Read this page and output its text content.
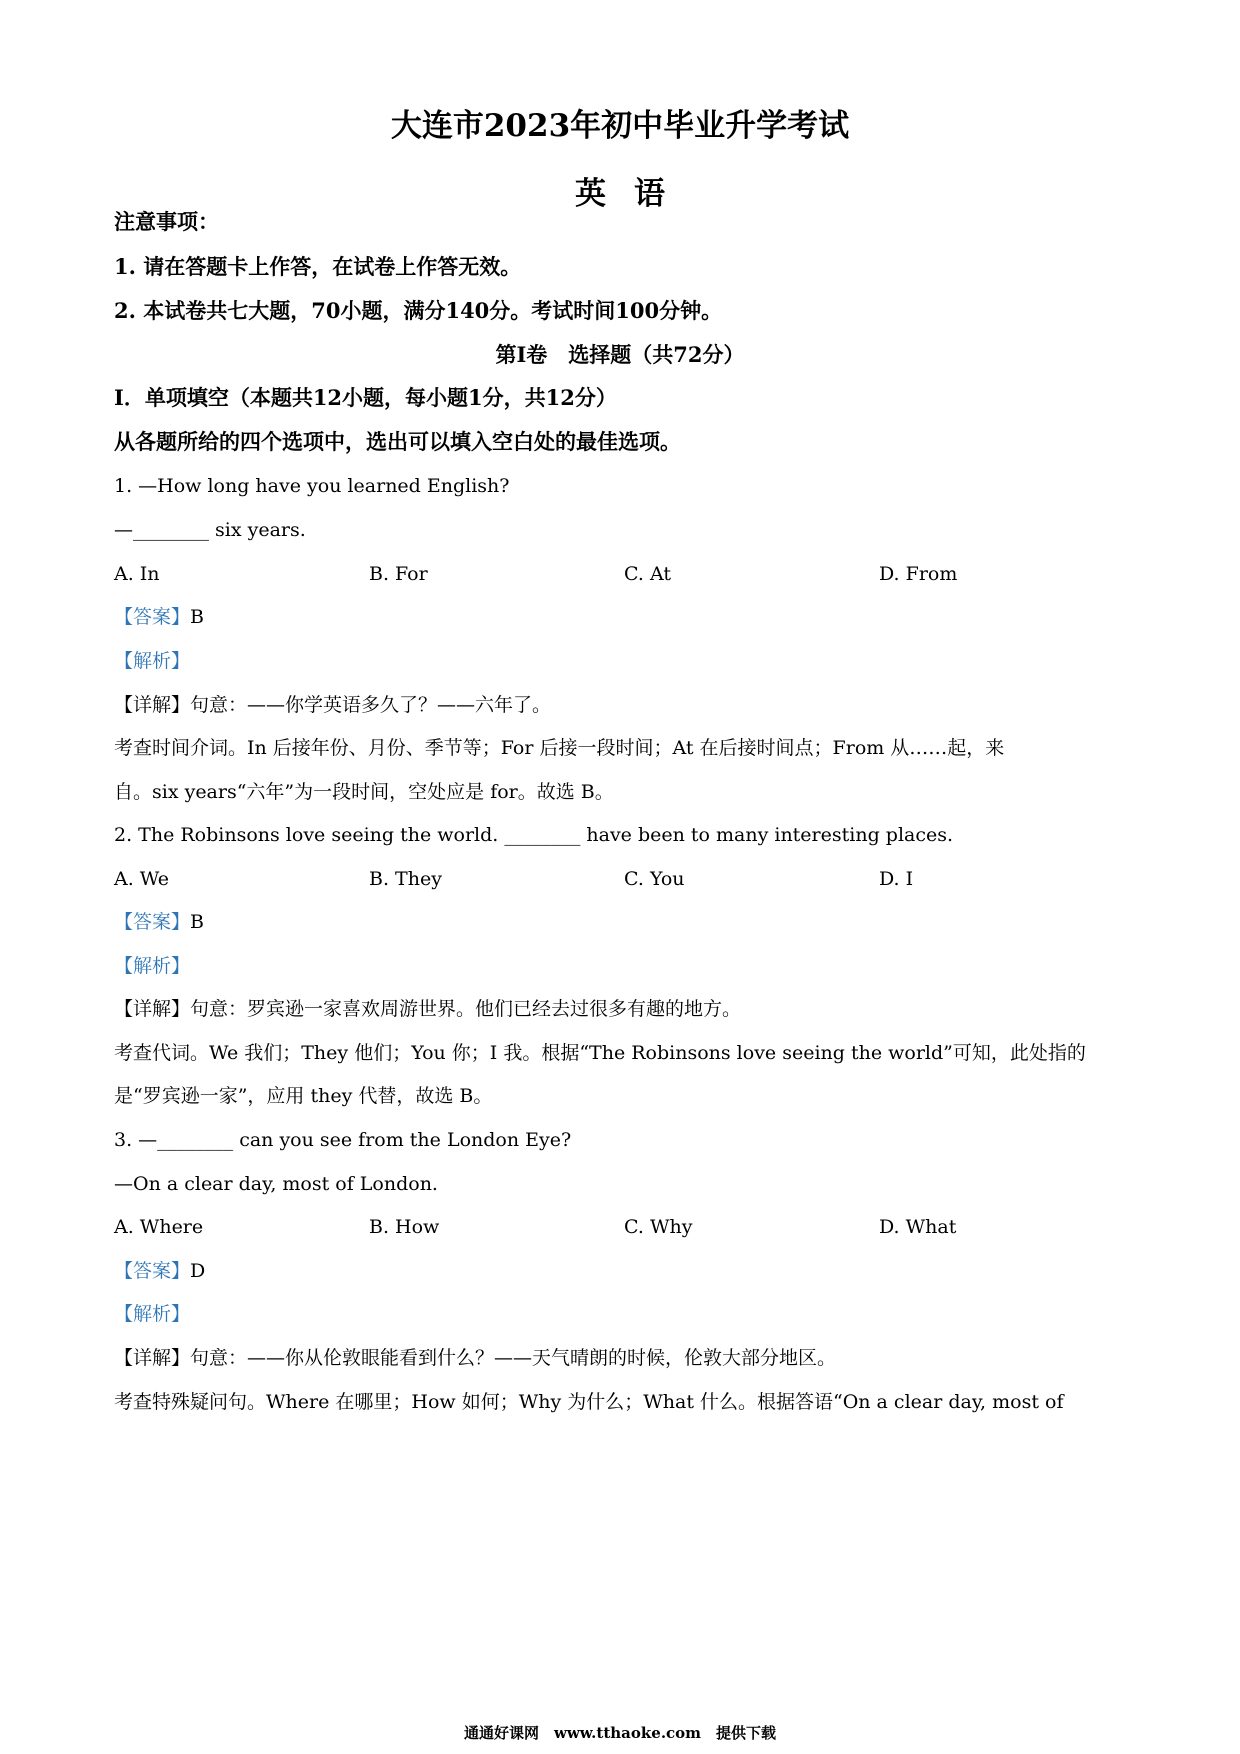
大连市2023年初中毕业升学考试
英语
注意事项：
1. 请在答题卡上作答，在试卷上作答无效。
2. 本试卷共七大题，70小题，满分140分。考试时间100分钟。
第Ⅰ卷　选择题（共72分）
Ⅰ．单项填空（本题共12小题，每小题1分，共12分）
从各题所给的四个选项中，选出可以填入空白处的最佳选项。
1. —How long have you learned English?
—________ six years.
A. In	B. For	C. At	D. From
【答案】B
【解析】
【详解】句意：——你学英语多久了？——六年了。
考查时间介词。In 后接年份、月份、季节等；For 后接一段时间；At 在后接时间点；From 从……起，来
自。six years“六年”为一段时间，空处应是 for。故选 B。
2. The Robinsons love seeing the world. ________ have been to many interesting places.
A. We	B. They	C. You	D. I
【答案】B
【解析】
【详解】句意：罗宾逊一家喜欢周游世界。他们已经去过很多有趣的地方。
考查代词。We 我们；They 他们；You 你；I 我。根据“The Robinsons love seeing the world”可知，此处指的
是“罗宾逊一家”，应用 they 代替，故选 B。
3. —________ can you see from the London Eye?
—On a clear day, most of London.
A. Where	B. How	C. Why	D. What
【答案】D
【解析】
【详解】句意：——你从伦敦眼能看到什么？——天气晴朗的时候，伦敦大部分地区。
考查特殊疑问句。Where 在哪里；How 如何；Why 为什么；What 什么。根据答语“On a clear day, most of
通通好课网　www.tthaoke.com　提供下载
